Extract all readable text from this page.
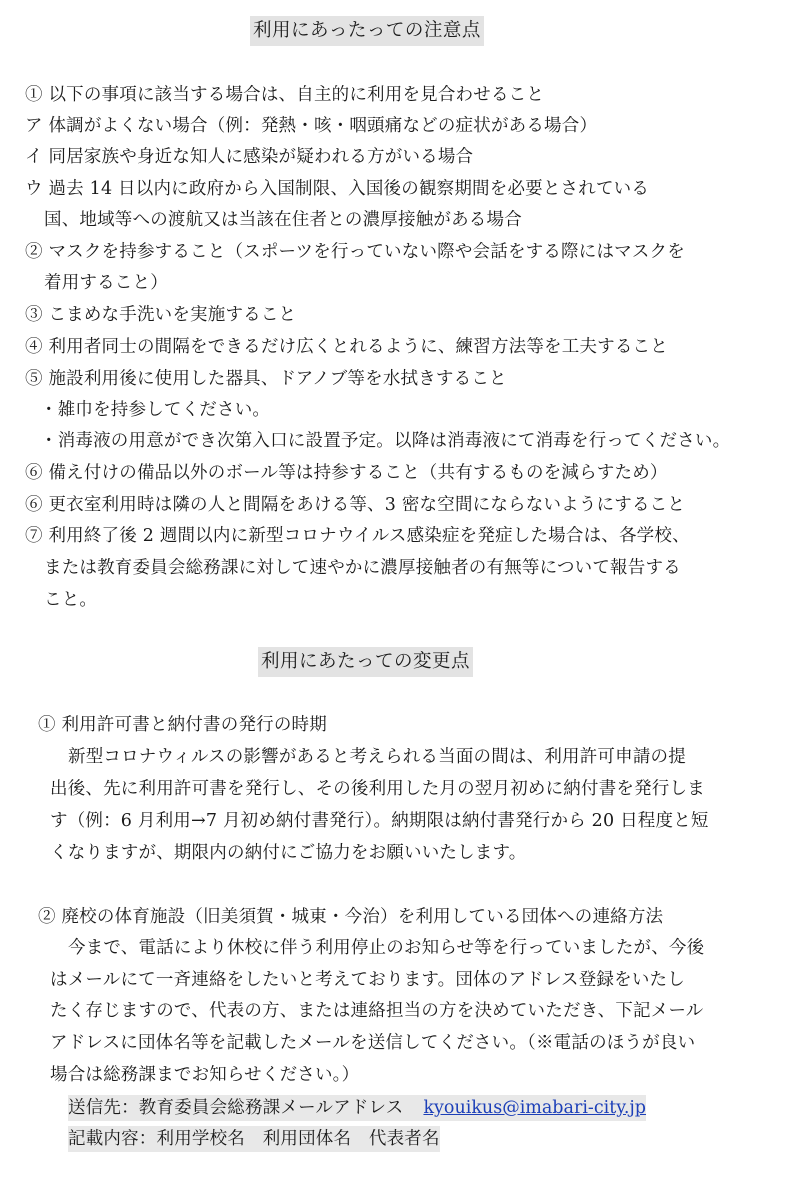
利用にあったっての注意点
① 以下の事項に該当する場合は、自主的に利用を見合わせること
ア 体調がよくない場合（例：発熱・咳・咽頭痛などの症状がある場合）
イ 同居家族や身近な知人に感染が疑われる方がいる場合
ウ 過去 14 日以内に政府から入国制限、入国後の観察期間を必要とされている
国、地域等への渡航又は当該在住者との濃厚接触がある場合
② マスクを持参すること（スポーツを行っていない際や会話をする際にはマスクを
着用すること）
③ こまめな手洗いを実施すること
④ 利用者同士の間隔をできるだけ広くとれるように、練習方法等を工夫すること
⑤ 施設利用後に使用した器具、ドアノブ等を水拭きすること
・雑巾を持参してください。
・消毒液の用意ができ次第入口に設置予定。以降は消毒液にて消毒を行ってください。
⑥ 備え付けの備品以外のボール等は持参すること（共有するものを減らすため）
⑥ 更衣室利用時は隣の人と間隔をあける等、3 密な空間にならないようにすること
⑦ 利用終了後 2 週間以内に新型コロナウイルス感染症を発症した場合は、各学校、
または教育委員会総務課に対して速やかに濃厚接触者の有無等について報告する
こと。
利用にあたっての変更点
① 利用許可書と納付書の発行の時期
新型コロナウィルスの影響があると考えられる当面の間は、利用許可申請の提
出後、先に利用許可書を発行し、その後利用した月の翌月初めに納付書を発行しま
す（例：6 月利用→7 月初め納付書発行）。納期限は納付書発行から 20 日程度と短
くなりますが、期限内の納付にご協力をお願いいたします。
② 廃校の体育施設（旧美須賀・城東・今治）を利用している団体への連絡方法
今まで、電話により休校に伴う利用停止のお知らせ等を行っていましたが、今後
はメールにて一斉連絡をしたいと考えております。団体のアドレス登録をいたし
たく存じますので、代表の方、または連絡担当の方を決めていただき、下記メール
アドレスに団体名等を記載したメールを送信してください。（※電話のほうが良い
場合は総務課までお知らせください。）
送信先：教育委員会総務課メールアドレス kyouikus@imabari-city.jp
記載内容：利用学校名　利用団体名　代表者名
